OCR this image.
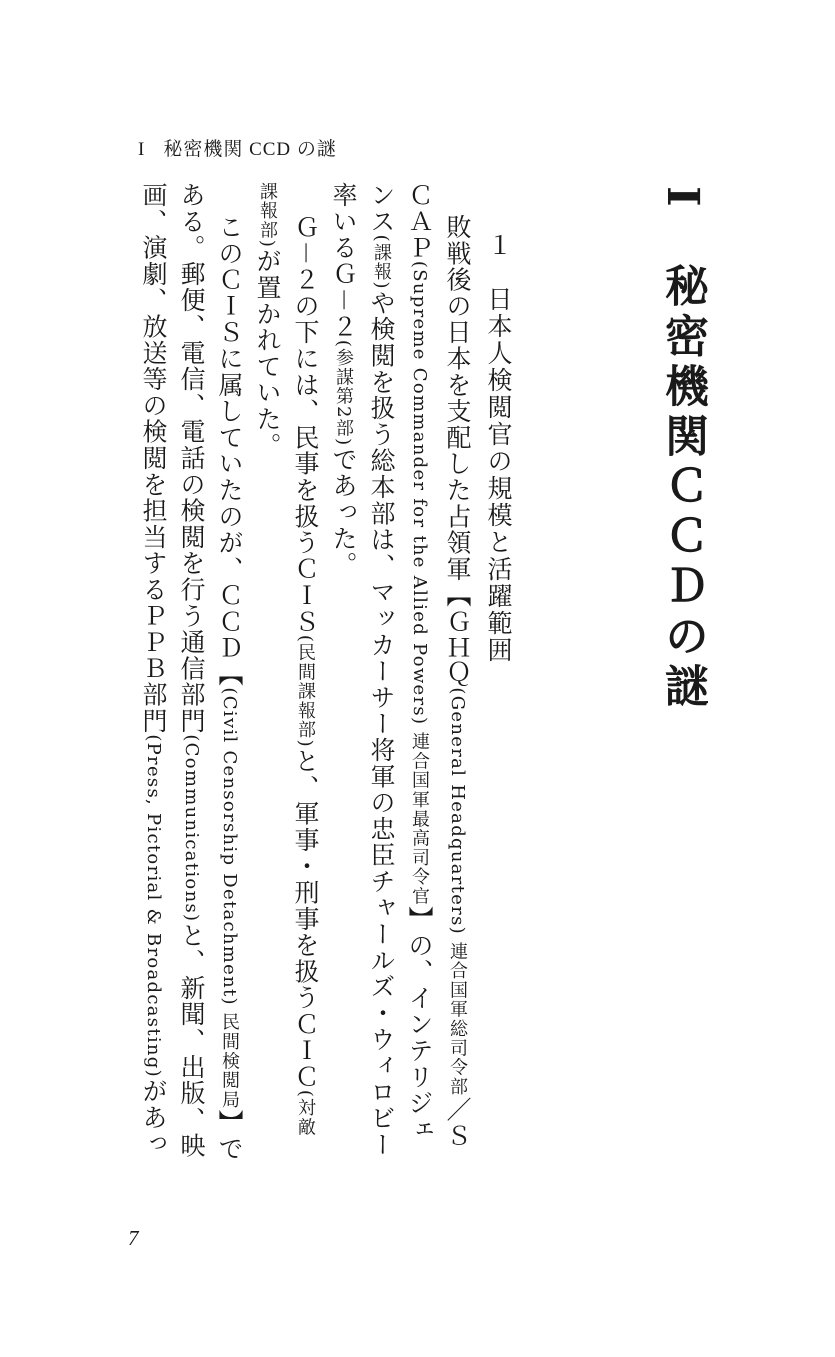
I 秘密機関 CCD の謎
I　秘密機関ＣＣＤの謎
１　日本人検閲官の規模と活躍範囲
敗戦後の日本を支配した占領軍【ＧＨＱ(General Headquarters) 連合国軍総司令部／Ｓ
ＣＡＰ(Supreme Commander for the Allied Powers) 連合国軍最高司令官】の、インテリジェ
ンス(課報)や検閲を扱う総本部は、マッカーサー将軍の忠臣チャールズ・ウィロビー
率いるＧ－２(参謀第2部)であった。
Ｇ－２の下には、民事を扱うＣＩＳ(民間課報部)と、軍事・刑事を扱うＣＩＣ(対敵
課報部)が置かれていた。
このＣＩＳに属していたのが、ＣＣＤ【(Civil Censorship Detachment) 民間検閲局】で
ある。郵便、電信、電話の検閲を行う通信部門(Communications)と、新聞、出版、映
画、演劇、放送等の検閲を担当するＰＰＢ部門(Press, Pictorial & Broadcasting)があっ
7
